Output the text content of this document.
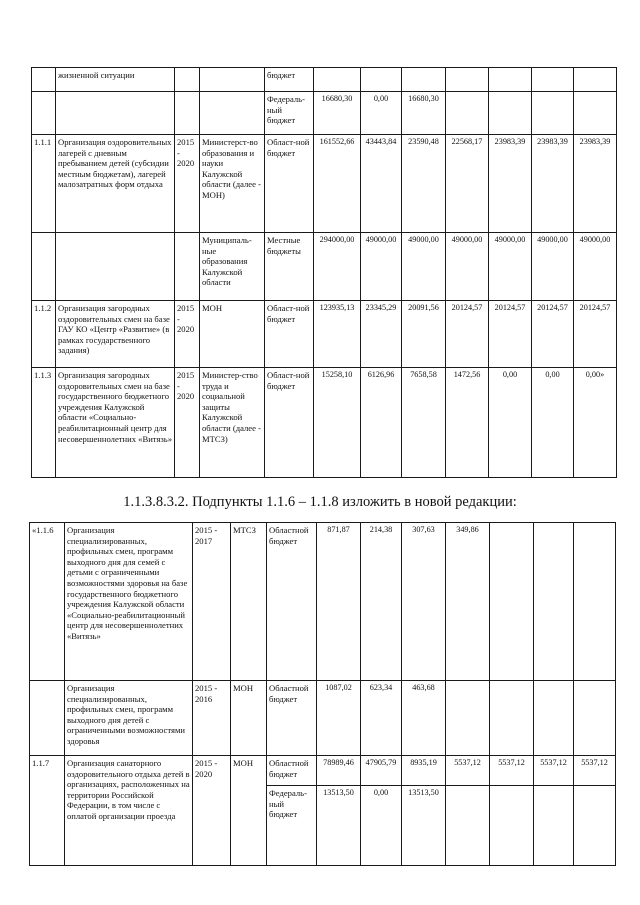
	жизненной ситуации			бюджет							
				Федераль-ный бюджет	16680,30	0,00	16680,30				
1.1.1	Организация оздоровительных лагерей с дневным пребыванием детей (субсидии местным бюджетам), лагерей малозатратных форм отдыха	2015 - 2020	Министерст-во образования и науки Калужской области (далее - МОН)	Област-ной бюджет	161552,66	43443,84	23590,48	22568,17	23983,39	23983,39	23983,39
			Муниципаль-ные образования Калужской области	Местные бюджеты	294000,00	49000,00	49000,00	49000,00	49000,00	49000,00	49000,00
1.1.2	Организация загородных оздоровительных смен на базе ГАУ КО «Центр «Развитие» (в рамках государственного задания)	2015 - 2020	МОН	Област-ной бюджет	123935,13	23345,29	20091,56	20124,57	20124,57	20124,57	20124,57
1.1.3	Организация загородных оздоровительных смен на базе государственного бюджетного учреждения Калужской области «Социально-реабилитационный центр для несовершеннолетних «Витязь»	2015 - 2020	Министер-ство труда и социальной защиты Калужской области (далее - МТСЗ)	Област-ной бюджет	15258,10	6126,96	7658,58	1472,56	0,00	0,00	0,00»
1.1.3.8.3.2. Подпункты 1.1.6 – 1.1.8 изложить в новой редакции:
«1.1.6	Организация специализированных, профильных смен, программ выходного дня для семей с детьми с ограниченными возможностями здоровья на базе государственного бюджетного учреждения Калужской области «Социально-реабилитационный центр для несовершеннолетних «Витязь»	2015 - 2017	МТСЗ	Областной бюджет	871,87	214,38	307,63	349,86			
	Организация специализированных, профильных смен, программ выходного дня детей с ограниченными возможностями здоровья	2015 - 2016	МОН	Областной бюджет	1087,02	623,34	463,68				
1.1.7	Организация санаторного оздоровительного отдыха детей в организациях, расположенных на территории Российской Федерации, в том числе с оплатой организации проезда	2015 - 2020	МОН	Областной бюджет	78989,46	47905,79	8935,19	5537,12	5537,12	5537,12	5537,12
				Федераль-ный бюджет	13513,50	0,00	13513,50				
